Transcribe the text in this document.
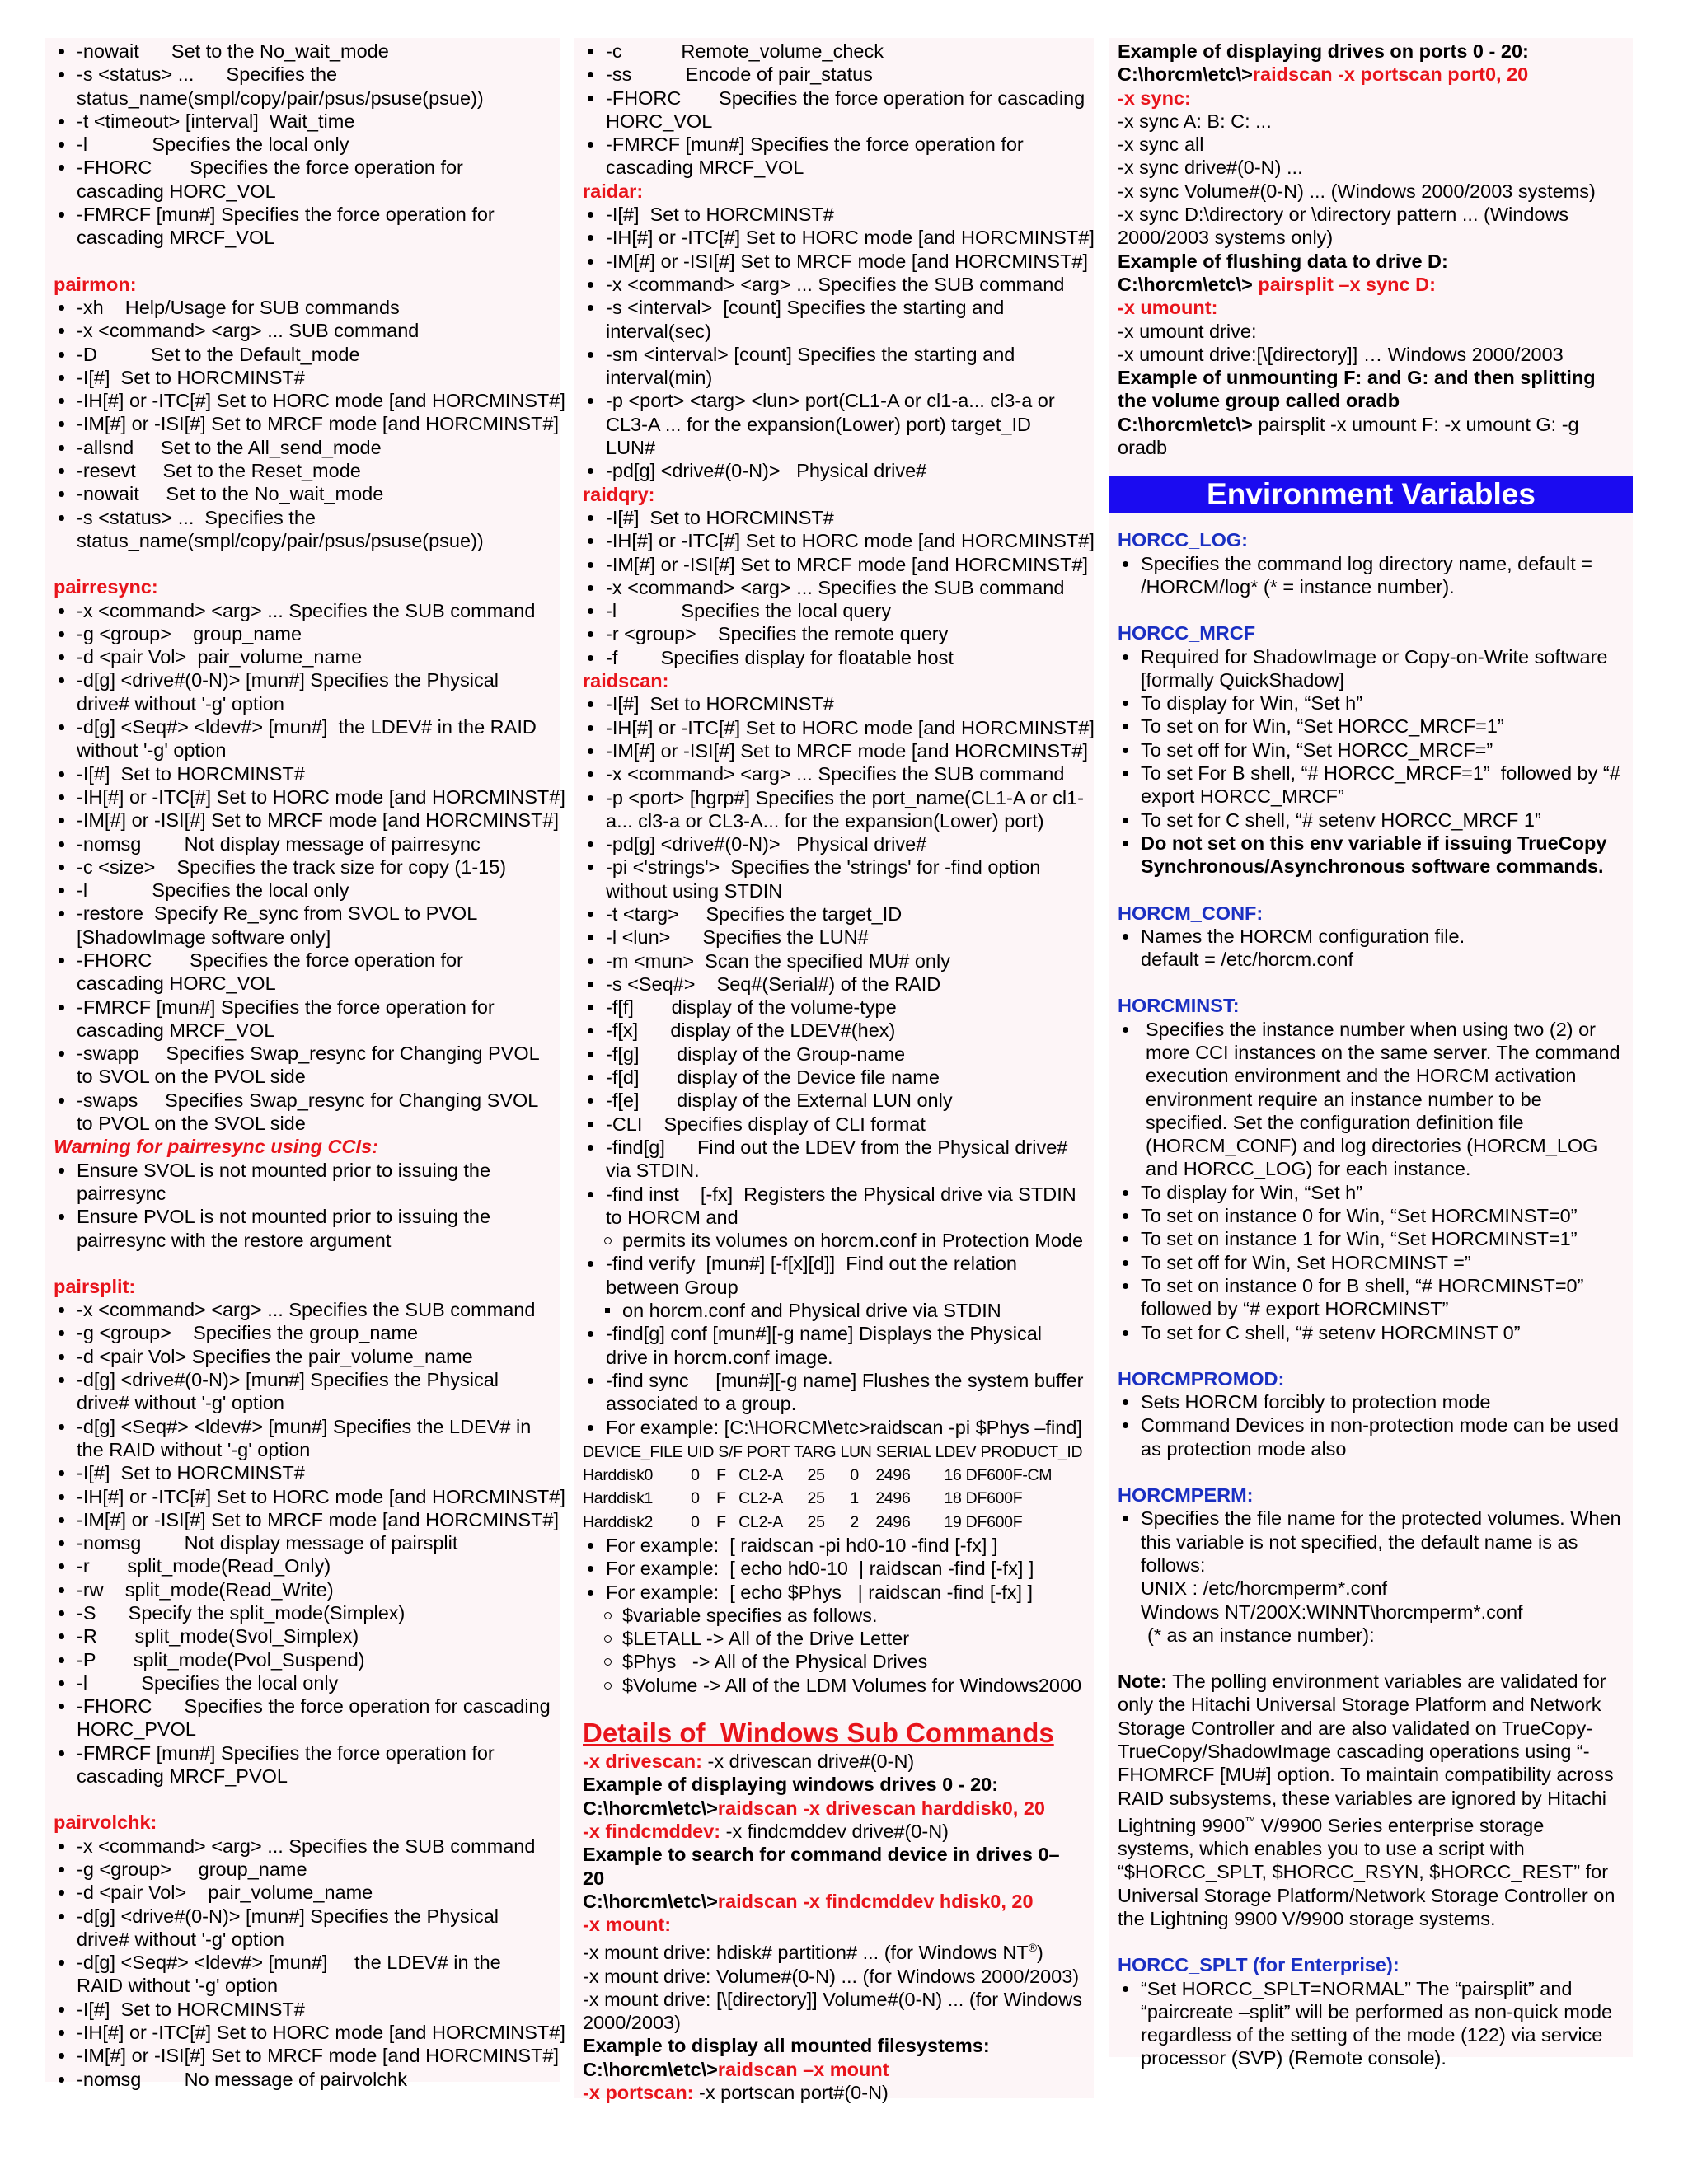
-nowait      Set to the No_wait_mode
-s <status> ...      Specifies the status_name(smpl/copy/pair/psus/psuse(psue))
-t <timeout> [interval]  Wait_time
-l            Specifies the local only
-FHORC       Specifies the force operation for cascading HORC_VOL
-FMRCF [mun#] Specifies the force operation for cascading MRCF_VOL

pairmon:

-xh    Help/Usage for SUB commands
-x <command> <arg> ... SUB command
-D          Set to the Default_mode
-I[#]  Set to HORCMINST#
-IH[#] or -ITC[#] Set to HORC mode [and HORCMINST#]
-IM[#] or -ISI[#] Set to MRCF mode [and HORCMINST#]
-allsnd     Set to the All_send_mode
-resevt     Set to the Reset_mode
-nowait     Set to the No_wait_mode
-s <status> ...  Specifies the status_name(smpl/copy/pair/psus/psuse(psue))

pairresync:

-x <command> <arg> ... Specifies the SUB command
-g <group>    group_name
-d <pair Vol>  pair_volume_name
-d[g] <drive#(0-N)> [mun#] Specifies the Physical drive# without '-g' option
-d[g] <Seq#> <ldev#> [mun#]  the LDEV# in the RAID without '-g' option
-I[#]  Set to HORCMINST#
-IH[#] or -ITC[#] Set to HORC mode [and HORCMINST#]
-IM[#] or -ISI[#] Set to MRCF mode [and HORCMINST#]
-nomsg        Not display message of pairresync
-c <size>    Specifies the track size for copy (1-15)
-l            Specifies the local only
-restore  Specify Re_sync from SVOL to PVOL [ShadowImage software only]
-FHORC       Specifies the force operation for cascading HORC_VOL
-FMRCF [mun#] Specifies the force operation for cascading MRCF_VOL
-swapp     Specifies Swap_resync for Changing PVOL to SVOL on the PVOL side
-swaps     Specifies Swap_resync for Changing SVOL to PVOL on the SVOL side

Warning for pairresync using CCIs:

Ensure SVOL is not mounted prior to issuing the pairresync
Ensure PVOL is not mounted prior to issuing the pairresync with the restore argument

pairsplit:

-x <command> <arg> ... Specifies the SUB command
-g <group>    Specifies the group_name
-d <pair Vol> Specifies the pair_volume_name
-d[g] <drive#(0-N)> [mun#] Specifies the Physical drive# without '-g' option
-d[g] <Seq#> <ldev#> [mun#] Specifies the LDEV# in the RAID without '-g' option
-I[#]  Set to HORCMINST#
-IH[#] or -ITC[#] Set to HORC mode [and HORCMINST#]
-IM[#] or -ISI[#] Set to MRCF mode [and HORCMINST#]
-nomsg        Not display message of pairsplit
-r       split_mode(Read_Only)
-rw    split_mode(Read_Write)
-S      Specify the split_mode(Simplex)
-R       split_mode(Svol_Simplex)
-P       split_mode(Pvol_Suspend)
-l          Specifies the local only
-FHORC      Specifies the force operation for cascading HORC_PVOL
-FMRCF [mun#] Specifies the force operation for cascading MRCF_PVOL

pairvolchk:

-x <command> <arg> ... Specifies the SUB command
-g <group>     group_name
-d <pair Vol>    pair_volume_name
-d[g] <drive#(0-N)> [mun#] Specifies the Physical drive# without '-g' option
-d[g] <Seq#> <ldev#> [mun#]     the LDEV# in the RAID without '-g' option
-I[#]  Set to HORCMINST#
-IH[#] or -ITC[#] Set to HORC mode [and HORCMINST#]
-IM[#] or -ISI[#] Set to MRCF mode [and HORCMINST#]
-nomsg        No message of pairvolchk
-c           Remote_volume_check
-ss          Encode of pair_status
-FHORC       Specifies the force operation for cascading HORC_VOL
-FMRCF [mun#] Specifies the force operation for cascading MRCF_VOL

raidar:

-I[#]  Set to HORCMINST#
-IH[#] or -ITC[#] Set to HORC mode [and HORCMINST#]
-IM[#] or -ISI[#] Set to MRCF mode [and HORCMINST#]
-x <command> <arg> ... Specifies the SUB command
-s <interval>  [count] Specifies the starting and interval(sec)
-sm <interval> [count] Specifies the starting and interval(min)
-p <port> <targ> <lun> port(CL1-A or cl1-a... cl3-a or CL3-A ... for the expansion(Lower) port) target_ID LUN#
-pd[g] <drive#(0-N)>   Physical drive#

raidqry:

-I[#]  Set to HORCMINST#
-IH[#] or -ITC[#] Set to HORC mode [and HORCMINST#]
-IM[#] or -ISI[#] Set to MRCF mode [and HORCMINST#]
-x <command> <arg> ... Specifies the SUB command
-l            Specifies the local query
-r <group>    Specifies the remote query
-f        Specifies display for floatable host

raidscan:

-I[#]  Set to HORCMINST#
-IH[#] or -ITC[#] Set to HORC mode [and HORCMINST#]
-IM[#] or -ISI[#] Set to MRCF mode [and HORCMINST#]
-x <command> <arg> ... Specifies the SUB command
-p <port> [hgrp#] Specifies the port_name(CL1-A or cl1-a... cl3-a or CL3-A... for the expansion(Lower) port)
-pd[g] <drive#(0-N)>   Physical drive#
-pi <'strings'>  Specifies the 'strings' for -find option without using STDIN
-t <targ>     Specifies the target_ID
-l <lun>      Specifies the LUN#
-m <mun>  Scan the specified MU# only
-s <Seq#>    Seq#(Serial#) of the RAID
-f[f]       display of the volume-type
-f[x]      display of the LDEV#(hex)
-f[g]       display of the Group-name
-f[d]       display of the Device file name
-f[e]       display of the External LUN only
-CLI    Specifies display of CLI format
-find[g]      Find out the LDEV from the Physical drive# via STDIN.
-find inst    [-fx]  Registers the Physical drive via STDIN to HORCM and
permits its volumes on horcm.conf in Protection Mode
-find verify  [mun#] [-f[x][d]]  Find out the relation between Group
on horcm.conf and Physical drive via STDIN
-find[g] conf [mun#][-g name] Displays the Physical drive in horcm.conf image.
-find sync     [mun#][-g name] Flushes the system buffer associated to a group.
For example: [C:\HORCM\etc>raidscan -pi $Phys –find]
DEVICE_FILE UID S/F PORT TARG LUN SERIAL LDEV PRODUCT_ID
Harddisk0         0    F   CL2-A      25      0    2496        16 DF600F-CM
Harddisk1         0    F   CL2-A      25      1    2496        18 DF600F
Harddisk2         0    F   CL2-A      25      2    2496        19 DF600F
For example:  [ raidscan -pi hd0-10 -find [-fx] ]
For example:  [ echo hd0-10  | raidscan -find [-fx] ]
For example:  [ echo $Phys   | raidscan -find [-fx] ]
$variable specifies as follows.
$LETALL -> All of the Drive Letter
$Phys   -> All of the Physical Drives
$Volume -> All of the LDM Volumes for Windows2000

Details of  Windows Sub Commands

-x drivescan: -x drivescan drive#(0-N)

Example of displaying windows drives 0 - 20:

C:\horcm\etc\>raidscan -x drivescan harddisk0, 20

-x findcmddev: -x findcmddev drive#(0-N)

Example to search for command device in drives 0– 20

C:\horcm\etc\>raidscan -x findcmddev hdisk0, 20

-x mount:

-x mount drive: hdisk# partition# ... (for Windows NT®)

-x mount drive: Volume#(0-N) ... (for Windows 2000/2003)

-x mount drive: [\[directory]] Volume#(0-N) ... (for Windows 2000/2003)

Example to display all mounted filesystems:

C:\horcm\etc\>raidscan –x mount

-x portscan: -x portscan port#(0-N)

Example of displaying drives on ports 0 - 20:

C:\horcm\etc\>raidscan -x portscan port0, 20

-x sync:

-x sync A: B: C: ...

-x sync all

-x sync drive#(0-N) ...

-x sync Volume#(0-N) ... (Windows 2000/2003 systems)

-x sync D:\directory or \directory pattern ... (Windows 2000/2003 systems only)

Example of flushing data to drive D:

C:\horcm\etc\> pairsplit –x sync D:

-x umount:

-x umount drive:

-x umount drive:[\[directory]] … Windows 2000/2003

Example of unmounting F: and G: and then splitting the volume group called oradb

C:\horcm\etc\> pairsplit -x umount F: -x umount G: -g oradb

Environment Variables

HORCC_LOG:

Specifies the command log directory name, default = /HORCM/log* (* = instance number).

HORCC_MRCF

Required for ShadowImage or Copy-on-Write software [formally QuickShadow]
To display for Win, “Set h”
To set on for Win, “Set HORCC_MRCF=1”
To set off for Win, “Set HORCC_MRCF=”
To set For B shell, “# HORCC_MRCF=1”  followed by “# export HORCC_MRCF”
To set for C shell, “# setenv HORCC_MRCF 1”
Do not set on this env variable if issuing TrueCopy Synchronous/Asynchronous software commands.

HORCM_CONF:

Names the HORCM configuration file.

default = /etc/horcm.conf

HORCMINST:

Specifies the instance number when using two (2) or more CCI instances on the same server. The command execution environment and the HORCM activation environment require an instance number to be specified. Set the configuration definition file (HORCM_CONF) and log directories (HORCM_LOG and HORCC_LOG) for each instance.
To display for Win, “Set h”
To set on instance 0 for Win, “Set HORCMINST=0”
To set on instance 1 for Win, “Set HORCMINST=1”
To set off for Win, Set HORCMINST =”
To set on instance 0 for B shell, “# HORCMINST=0” followed by “# export HORCMINST”
To set for C shell, “# setenv HORCMINST 0”

HORCMPROMOD:

Sets HORCM forcibly to protection mode
Command Devices in non-protection mode can be used as protection mode also

HORCMPERM:

Specifies the file name for the protected volumes. When this variable is not specified, the default name is as follows:

UNIX : /etc/horcmperm*.conf

Windows NT/200X:WINNT\horcmperm*.conf

(* as an instance number):

Note: The polling environment variables are validated for only the Hitachi Universal Storage Platform and Network Storage Controller and are also validated on TrueCopy-TrueCopy/ShadowImage cascading operations using “-FHOMRCF [MU#] option. To maintain compatibility across RAID subsystems, these variables are ignored by Hitachi Lightning 9900™ V/9900 Series enterprise storage systems, which enables you to use a script with “$HORCC_SPLT, $HORCC_RSYN, $HORCC_REST” for Universal Storage Platform/Network Storage Controller on the Lightning 9900 V/9900 storage systems.

HORCC_SPLT (for Enterprise):

“Set HORCC_SPLT=NORMAL” The “pairsplit” and “paircreate –split” will be performed as non-quick mode regardless of the setting of the mode (122) via service processor (SVP) (Remote console).
